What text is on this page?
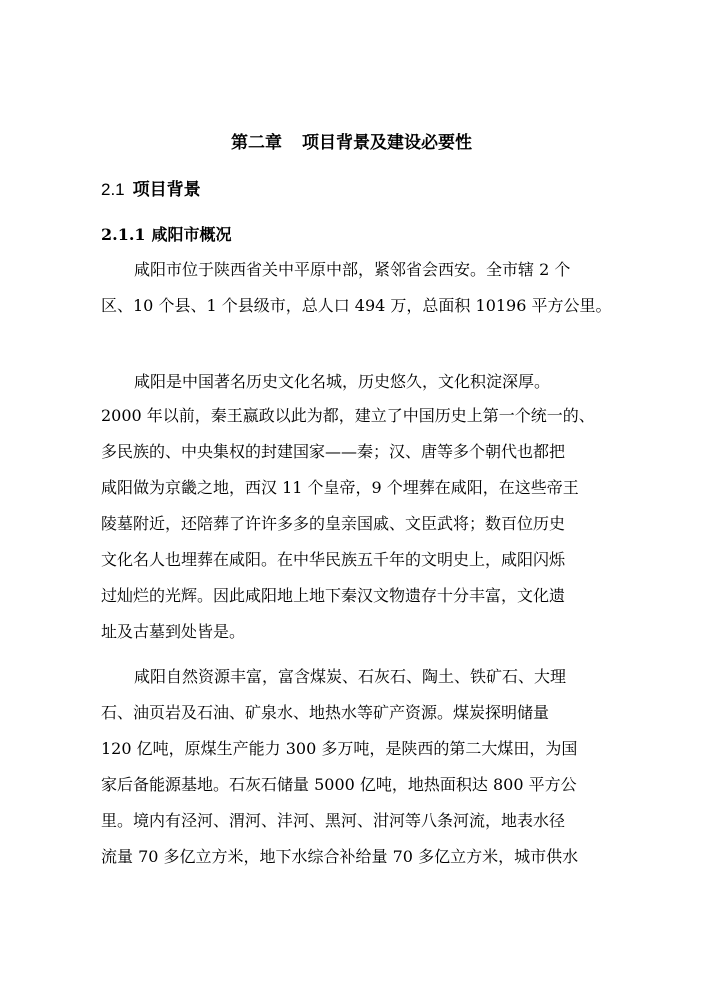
第二章 项目背景及建设必要性
2.1 项目背景
2.1.1 咸阳市概况
咸阳市位于陕西省关中平原中部，紧邻省会西安。全市辖 2 个
区、10 个县、1 个县级市，总人口 494 万，总面积 10196 平方公里。
咸阳是中国著名历史文化名城，历史悠久，文化积淀深厚。
2000 年以前，秦王嬴政以此为都，建立了中国历史上第一个统一的、
多民族的、中央集权的封建国家——秦；汉、唐等多个朝代也都把
咸阳做为京畿之地，西汉 11 个皇帝，9 个埋葬在咸阳，在这些帝王
陵墓附近，还陪葬了许许多多的皇亲国戚、文臣武将；数百位历史
文化名人也埋葬在咸阳。在中华民族五千年的文明史上，咸阳闪烁
过灿烂的光辉。因此咸阳地上地下秦汉文物遗存十分丰富，文化遗
址及古墓到处皆是。
咸阳自然资源丰富，富含煤炭、石灰石、陶土、铁矿石、大理
石、油页岩及石油、矿泉水、地热水等矿产资源。煤炭探明储量
120 亿吨，原煤生产能力 300 多万吨，是陕西的第二大煤田，为国
家后备能源基地。石灰石储量 5000 亿吨，地热面积达 800 平方公
里。境内有泾河、渭河、沣河、黑河、泔河等八条河流，地表水径
流量 70 多亿立方米，地下水综合补给量 70 多亿立方米，城市供水
